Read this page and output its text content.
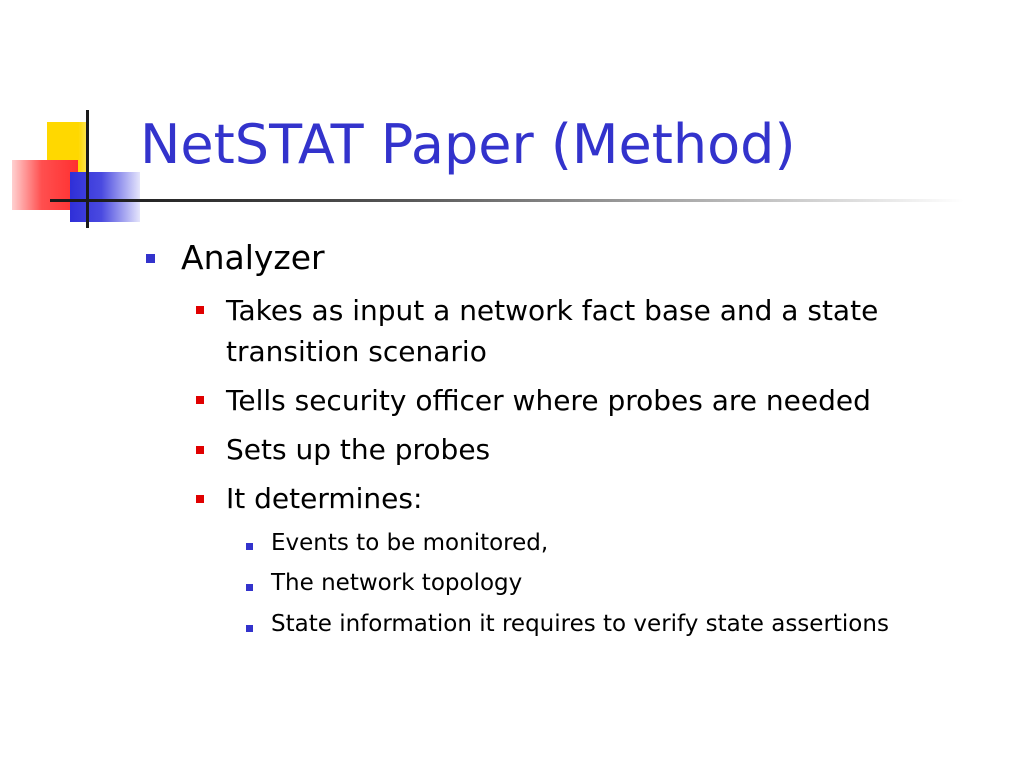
NetSTAT Paper (Method)
Analyzer
Takes as input a network fact base and a state
transition scenario
Tells security officer where probes are needed
Sets up the probes
It determines:
Events to be monitored,
The network topology
State information it requires to verify state assertions
